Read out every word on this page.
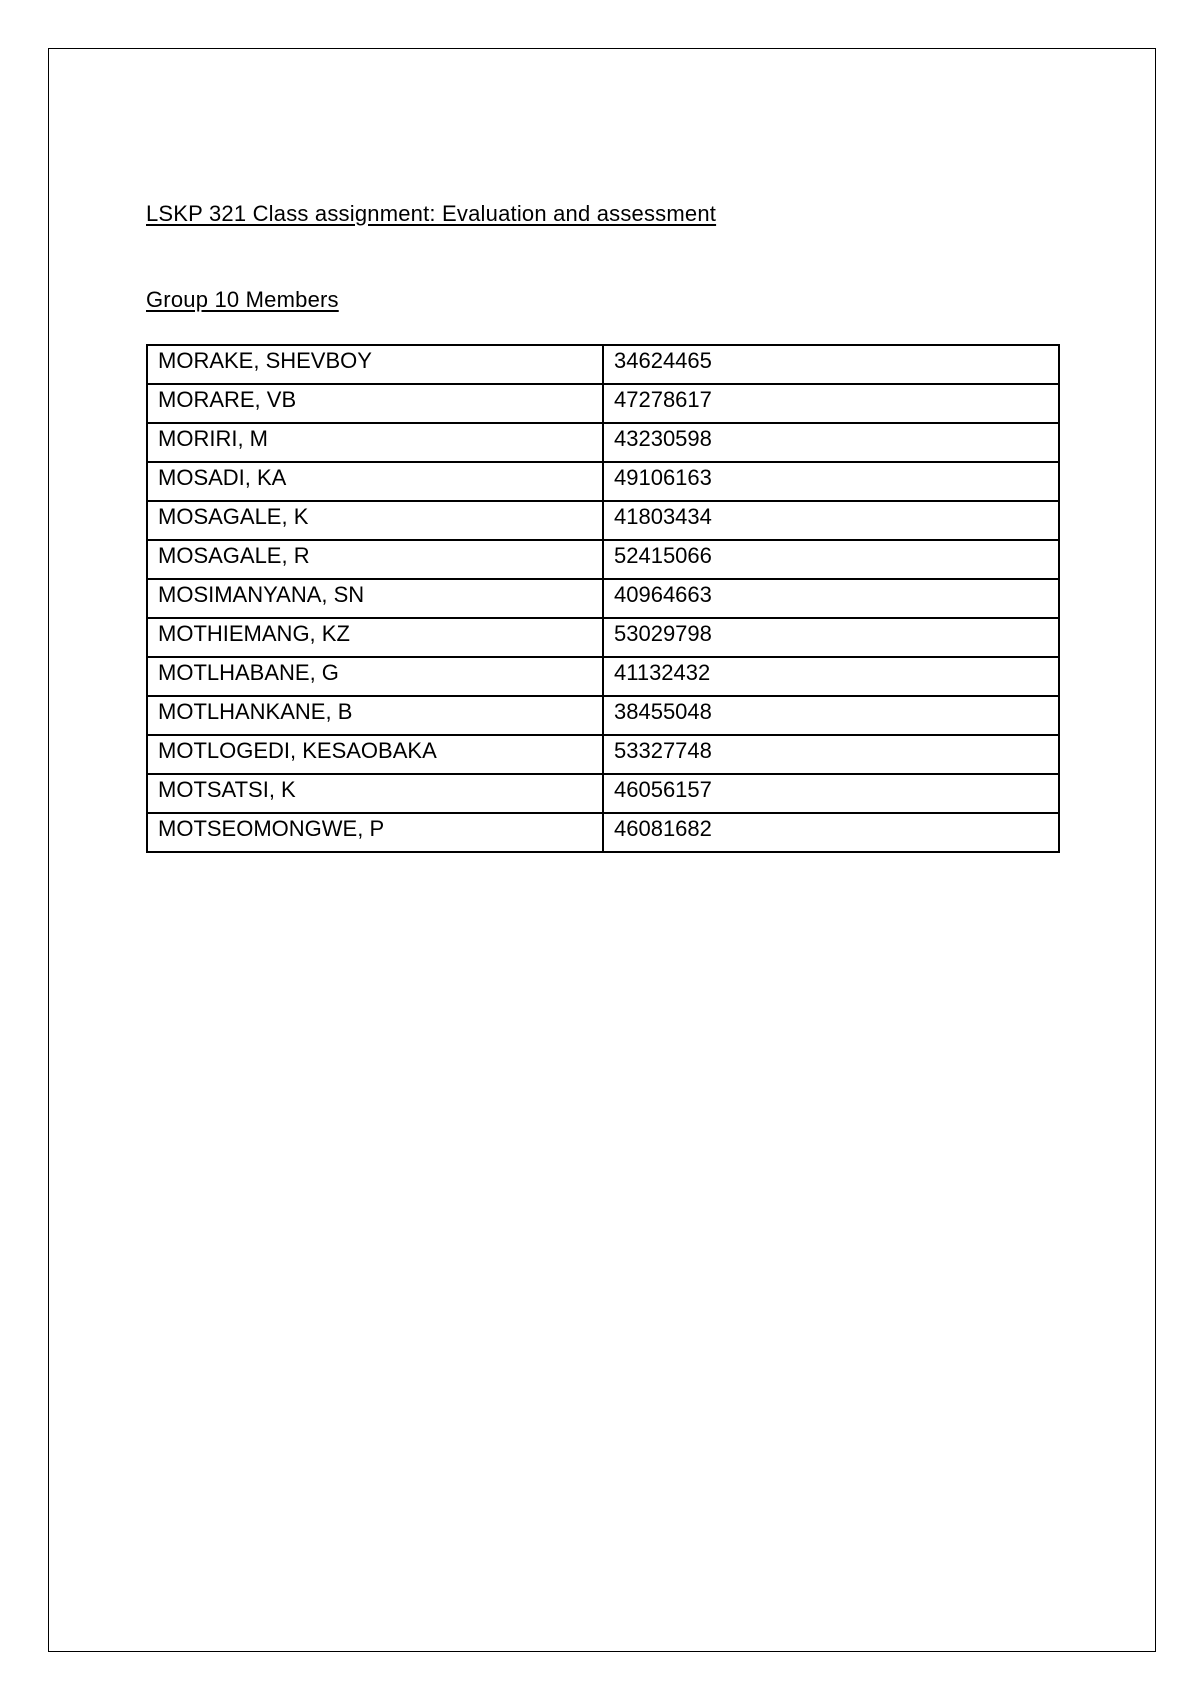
LSKP 321 Class assignment: Evaluation and assessment

Group 10 Members

MORAKE, SHEVBOY	34624465
MORARE, VB	47278617
MORIRI, M	43230598
MOSADI, KA	49106163
MOSAGALE, K	41803434
MOSAGALE, R	52415066
MOSIMANYANA, SN	40964663
MOTHIEMANG, KZ	53029798
MOTLHABANE, G	41132432
MOTLHANKANE, B	38455048
MOTLOGEDI, KESAOBAKA	53327748
MOTSATSI, K	46056157
MOTSEOMONGWE, P	46081682
